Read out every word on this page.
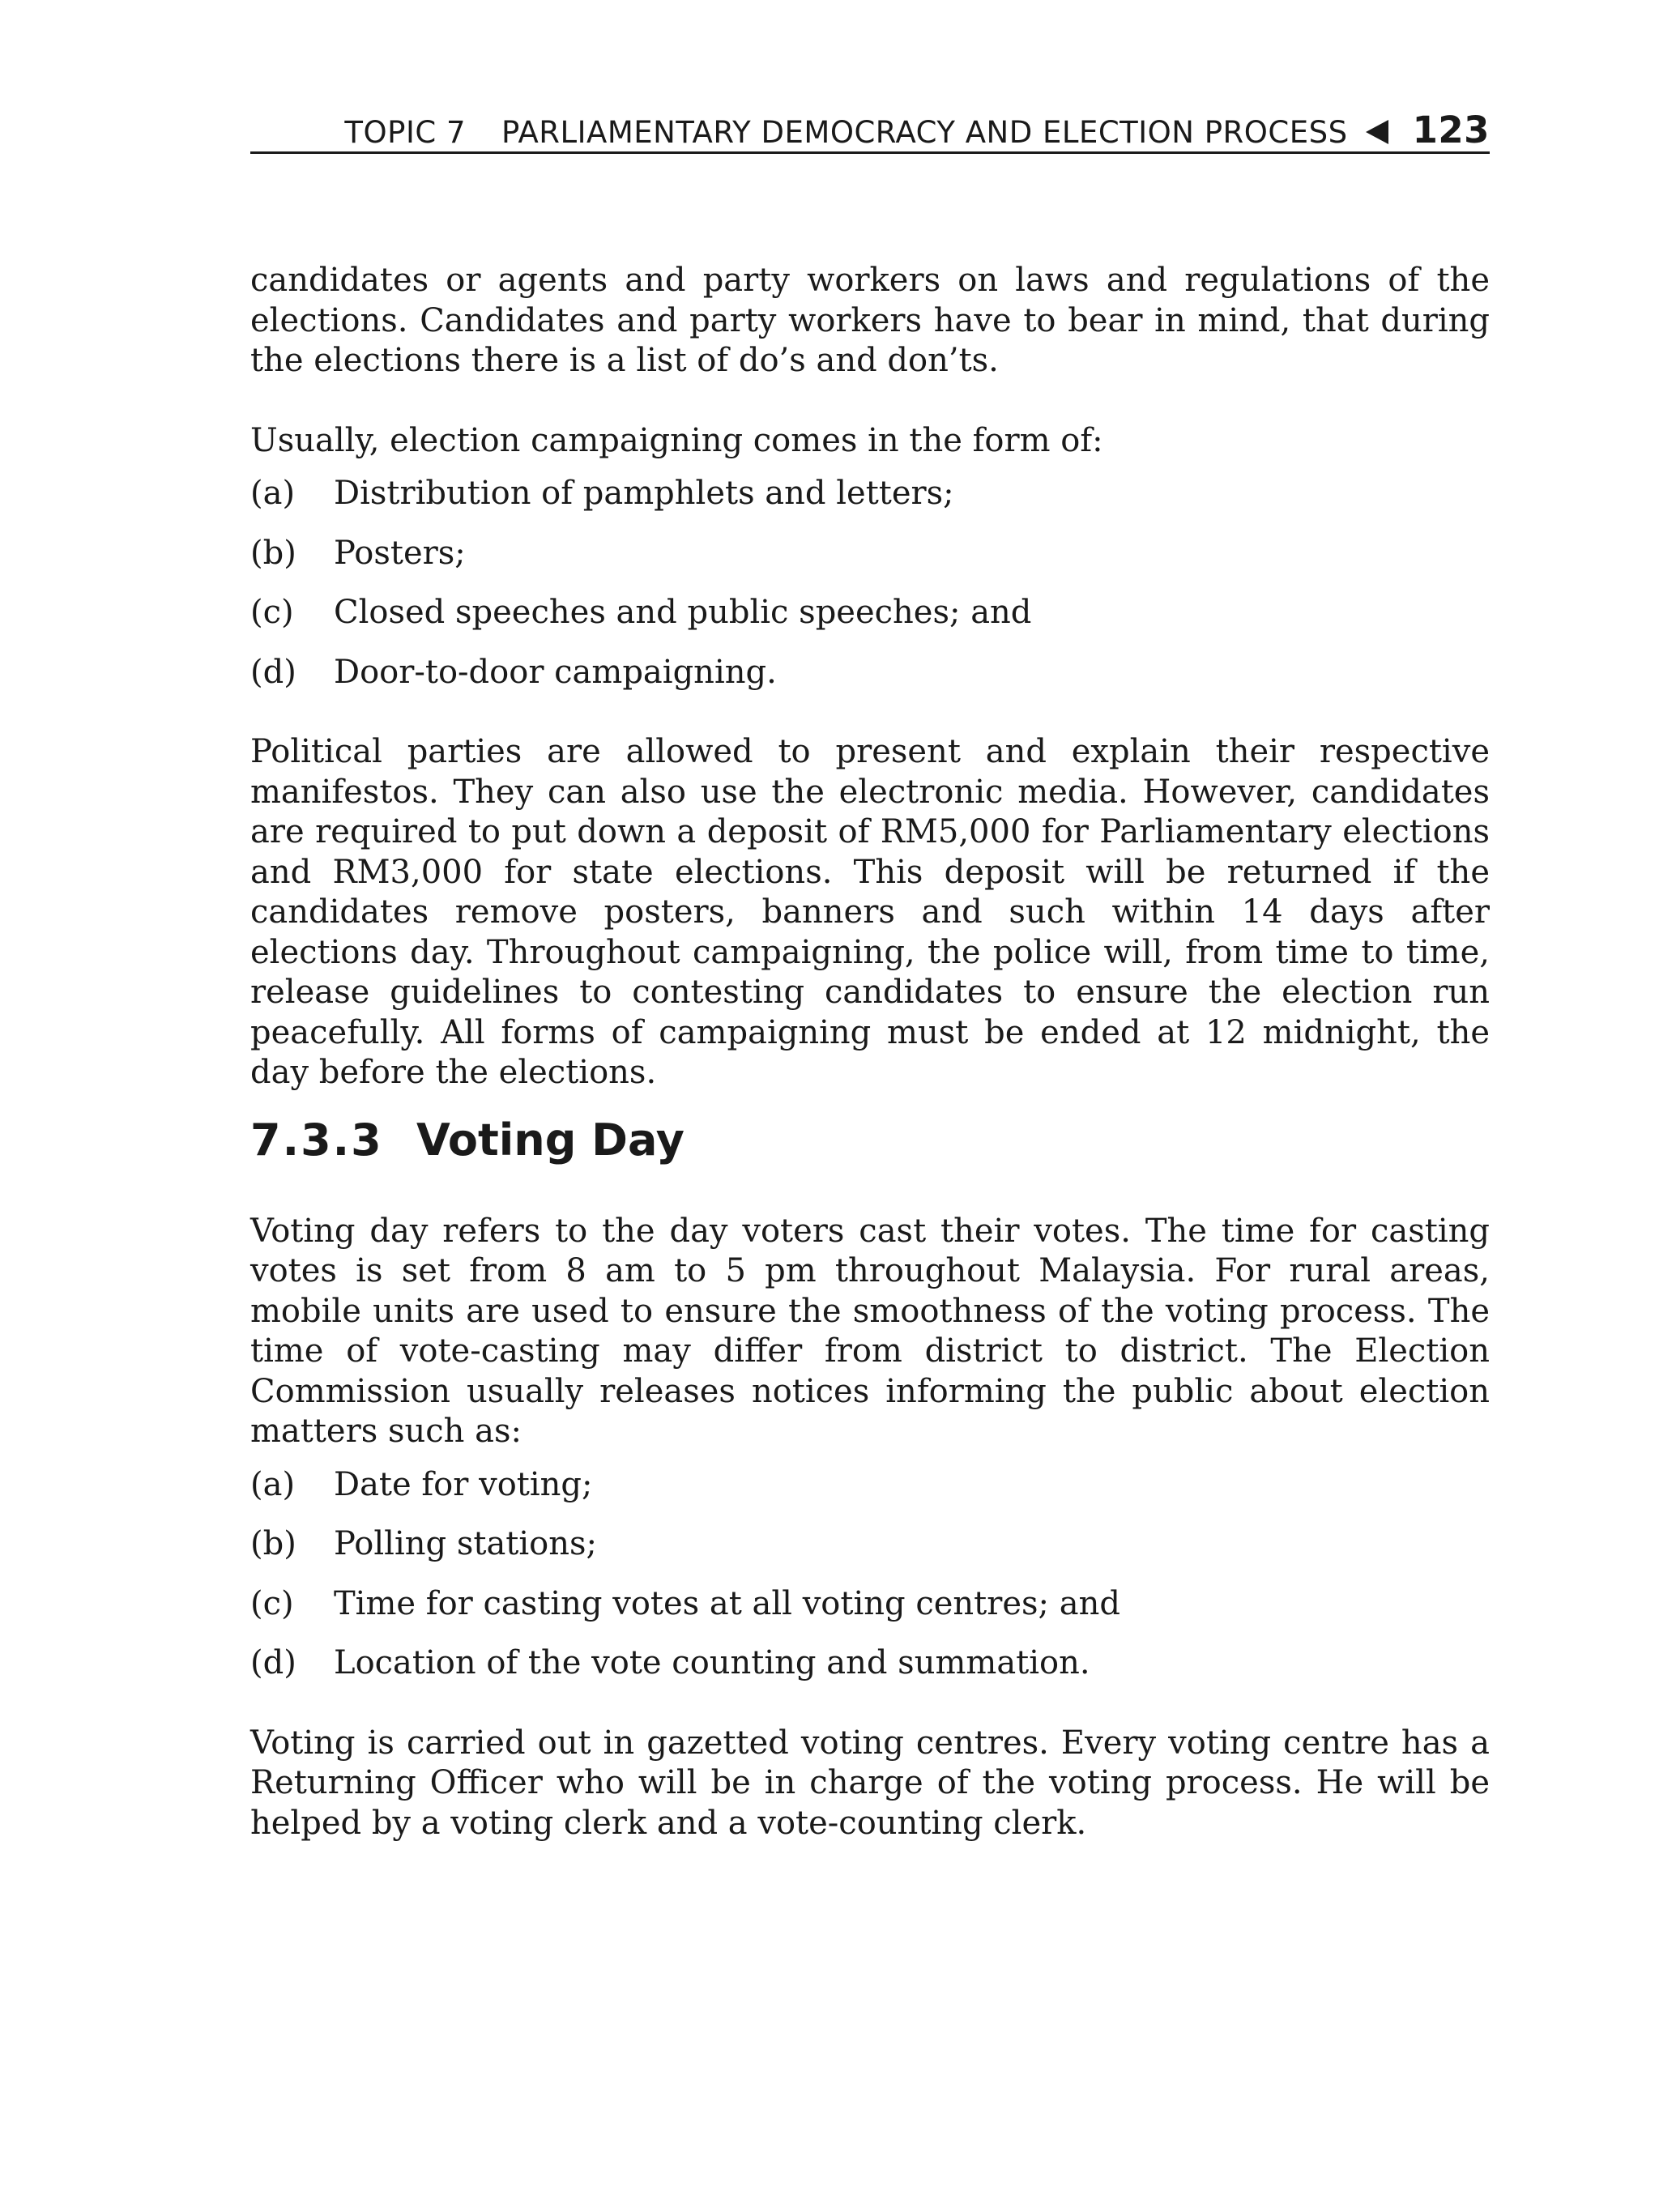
TOPIC 7 PARLIAMENTARY DEMOCRACY AND ELECTION PROCESS 123

candidates or agents and party workers on laws and regulations of the elections. Candidates and party workers have to bear in mind, that during the elections there is a list of do’s and don’ts.

Usually, election campaigning comes in the form of:

(a)	Distribution of pamphlets and letters;
(b)	Posters;
(c)	Closed speeches and public speeches; and
(d)	Door-to-door campaigning.

Political parties are allowed to present and explain their respective manifestos. They can also use the electronic media. However, candidates are required to put down a deposit of RM5,000 for Parliamentary elections and RM3,000 for state elections. This deposit will be returned if the candidates remove posters, banners and such within 14 days after elections day. Throughout campaigning, the police will, from time to time, release guidelines to contesting candidates to ensure the election run peacefully. All forms of campaigning must be ended at 12 midnight, the day before the elections.

7.3.3 Voting Day

Voting day refers to the day voters cast their votes. The time for casting votes is set from 8 am to 5 pm throughout Malaysia. For rural areas, mobile units are used to ensure the smoothness of the voting process. The time of vote-casting may differ from district to district. The Election Commission usually releases notices informing the public about election matters such as:

(a)	Date for voting;
(b)	Polling stations;
(c)	Time for casting votes at all voting centres; and
(d)	Location of the vote counting and summation.

Voting is carried out in gazetted voting centres. Every voting centre has a Returning Officer who will be in charge of the voting process. He will be helped by a voting clerk and a vote-counting clerk.
